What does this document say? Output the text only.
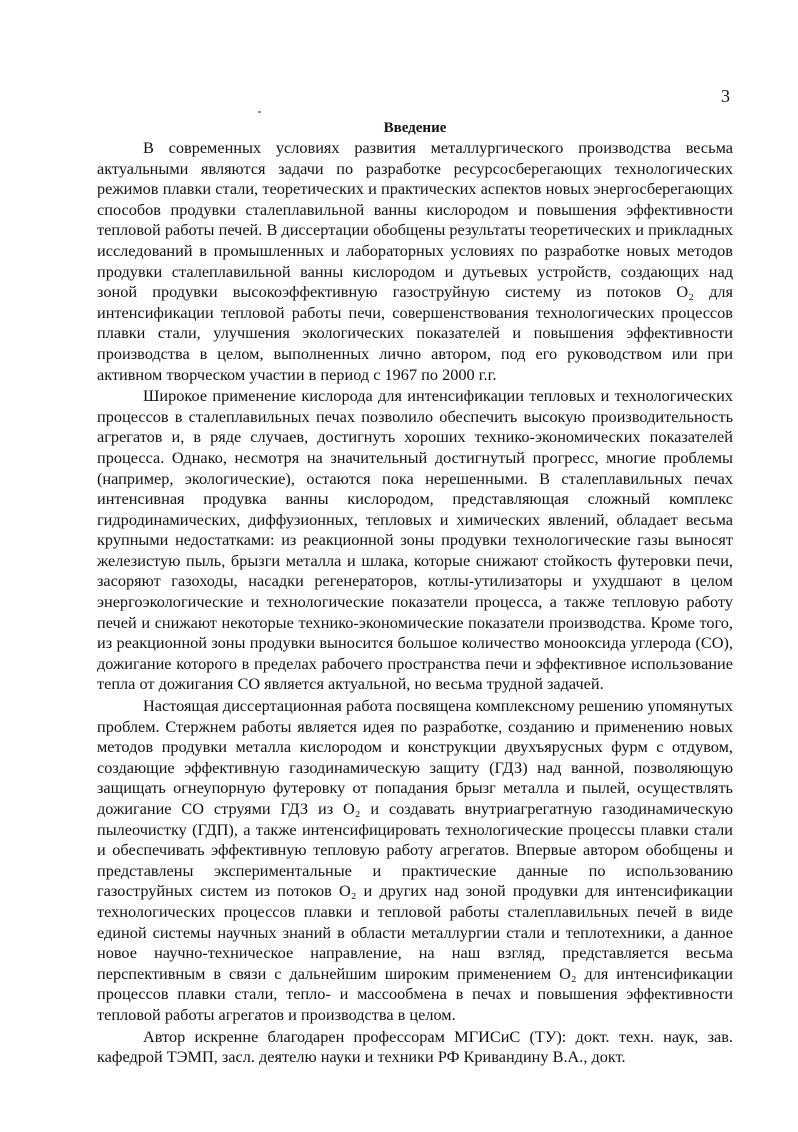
3
Введение

В современных условиях развития металлургического производства весьма актуальными являются задачи по разработке ресурсосберегающих технологических режимов плавки стали, теоретических и практических аспектов новых энергосберегающих способов продувки сталеплавильной ванны кислородом и повышения эффективности тепловой работы печей. В диссертации обобщены результаты теоретических и прикладных исследований в промышленных и лабораторных условиях по разработке новых методов продувки сталеплавильной ванны кислородом и дутьевых устройств, создающих над зоной продувки высокоэффективную газоструйную систему из потоков O₂ для интенсификации тепловой работы печи, совершенствования технологических процессов плавки стали, улучшения экологических показателей и повышения эффективности производства в целом, выполненных лично автором, под его руководством или при активном творческом участии в период с 1967 по 2000 г.г.

Широкое применение кислорода для интенсификации тепловых и технологических процессов в сталеплавильных печах позволило обеспечить высокую производительность агрегатов и, в ряде случаев, достигнуть хороших технико-экономических показателей процесса. Однако, несмотря на значительный достигнутый прогресс, многие проблемы (например, экологические), остаются пока нерешенными. В сталеплавильных печах интенсивная продувка ванны кислородом, представляющая сложный комплекс гидродинамических, диффузионных, тепловых и химических явлений, обладает весьма крупными недостатками: из реакционной зоны продувки технологические газы выносят железистую пыль, брызги металла и шлака, которые снижают стойкость футеровки печи, засоряют газоходы, насадки регенераторов, котлы-утилизаторы и ухудшают в целом энергоэкологические и технологические показатели процесса, а также тепловую работу печей и снижают некоторые технико-экономические показатели производства. Кроме того, из реакционной зоны продувки выносится большое количество монооксида углерода (CO), дожигание которого в пределах рабочего пространства печи и эффективное использование тепла от дожигания CO является актуальной, но весьма трудной задачей.

Настоящая диссертационная работа посвящена комплексному решению упомянутых проблем. Стержнем работы является идея по разработке, созданию и применению новых методов продувки металла кислородом и конструкции двухъярусных фурм с отдувом, создающие эффективную газодинамическую защиту (ГДЗ) над ванной, позволяющую защищать огнеупорную футеровку от попадания брызг металла и пылей, осуществлять дожигание CO струями ГДЗ из O₂ и создавать внутриагрегатную газодинамическую пылеочистку (ГДП), а также интенсифицировать технологические процессы плавки стали и обеспечивать эффективную тепловую работу агрегатов. Впервые автором обобщены и представлены экспериментальные и практические данные по использованию газоструйных систем из потоков O₂ и других над зоной продувки для интенсификации технологических процессов плавки и тепловой работы сталеплавильных печей в виде единой системы научных знаний в области металлургии стали и теплотехники, а данное новое научно-техническое направление, на наш взгляд, представляется весьма перспективным в связи с дальнейшим широким применением O₂ для интенсификации процессов плавки стали, тепло- и массообмена в печах и повышения эффективности тепловой работы агрегатов и производства в целом.

Автор искренне благодарен профессорам МГИСиС (ТУ): докт. техн. наук, зав. кафедрой ТЭМП, засл. деятелю науки и техники РФ Кривандину В.А., докт.
